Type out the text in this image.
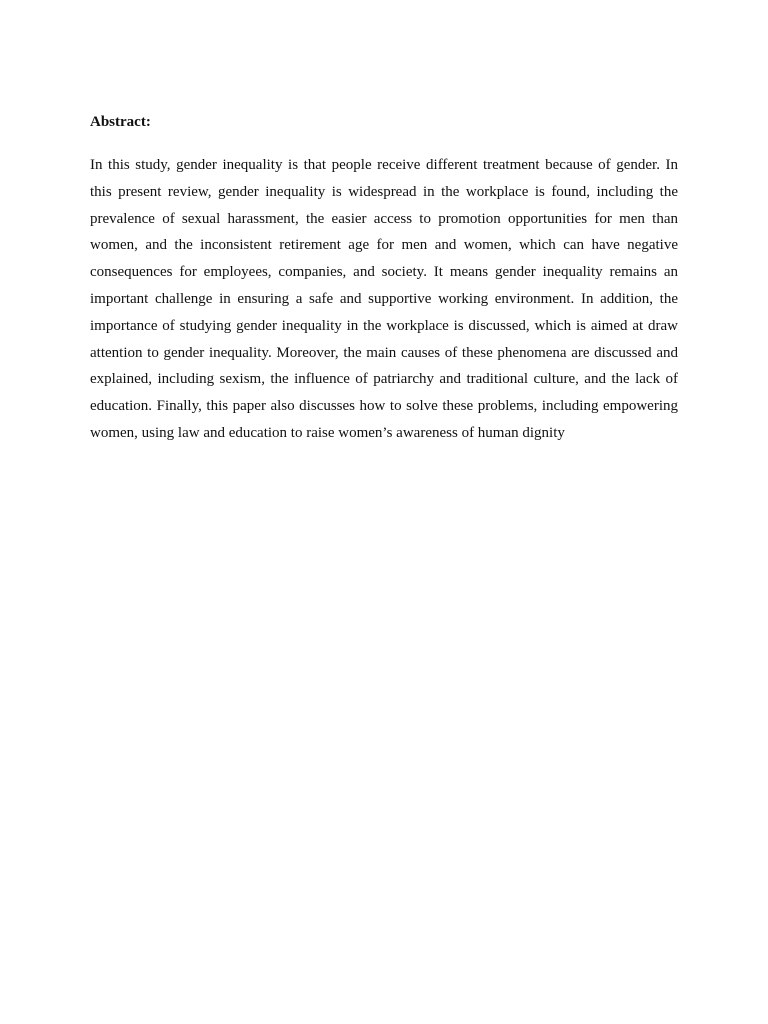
Abstract:

In this study, gender inequality is that people receive different treatment because of gender. In this present review, gender inequality is widespread in the workplace is found, including the prevalence of sexual harassment, the easier access to promotion opportunities for men than women, and the inconsistent retirement age for men and women, which can have negative consequences for employees, companies, and society. It means gender inequality remains an important challenge in ensuring a safe and supportive working environment. In addition, the importance of studying gender inequality in the workplace is discussed, which is aimed at draw attention to gender inequality. Moreover, the main causes of these phenomena are discussed and explained, including sexism, the influence of patriarchy and traditional culture, and the lack of education. Finally, this paper also discusses how to solve these problems, including empowering women, using law and education to raise women’s awareness of human dignity
